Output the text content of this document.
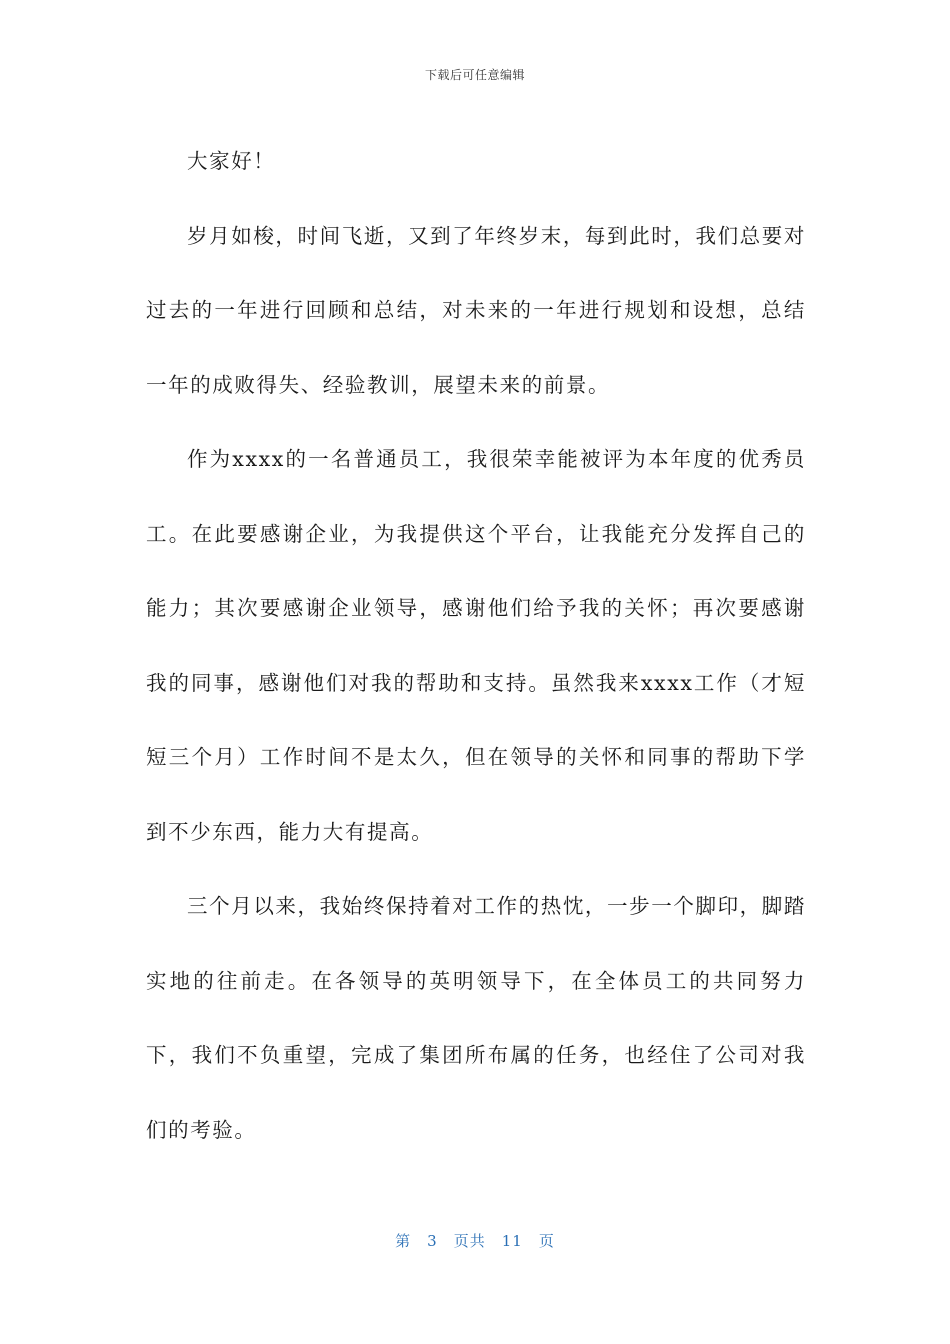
下载后可任意编辑

大家好！

岁月如梭，时间飞逝，又到了年终岁末，每到此时，我们总要对过去的一年进行回顾和总结，对未来的一年进行规划和设想，总结一年的成败得失、经验教训，展望未来的前景。

作为xxxx的一名普通员工，我很荣幸能被评为本年度的优秀员工。在此要感谢企业，为我提供这个平台，让我能充分发挥自己的能力；其次要感谢企业领导，感谢他们给予我的关怀；再次要感谢我的同事，感谢他们对我的帮助和支持。虽然我来xxxx工作（才短短三个月）工作时间不是太久，但在领导的关怀和同事的帮助下学到不少东西，能力大有提高。

三个月以来，我始终保持着对工作的热忱，一步一个脚印，脚踏实地的往前走。在各领导的英明领导下，在全体员工的共同努力下，我们不负重望，完成了集团所布属的任务，也经住了公司对我们的考验。

第 3 页共 11 页
